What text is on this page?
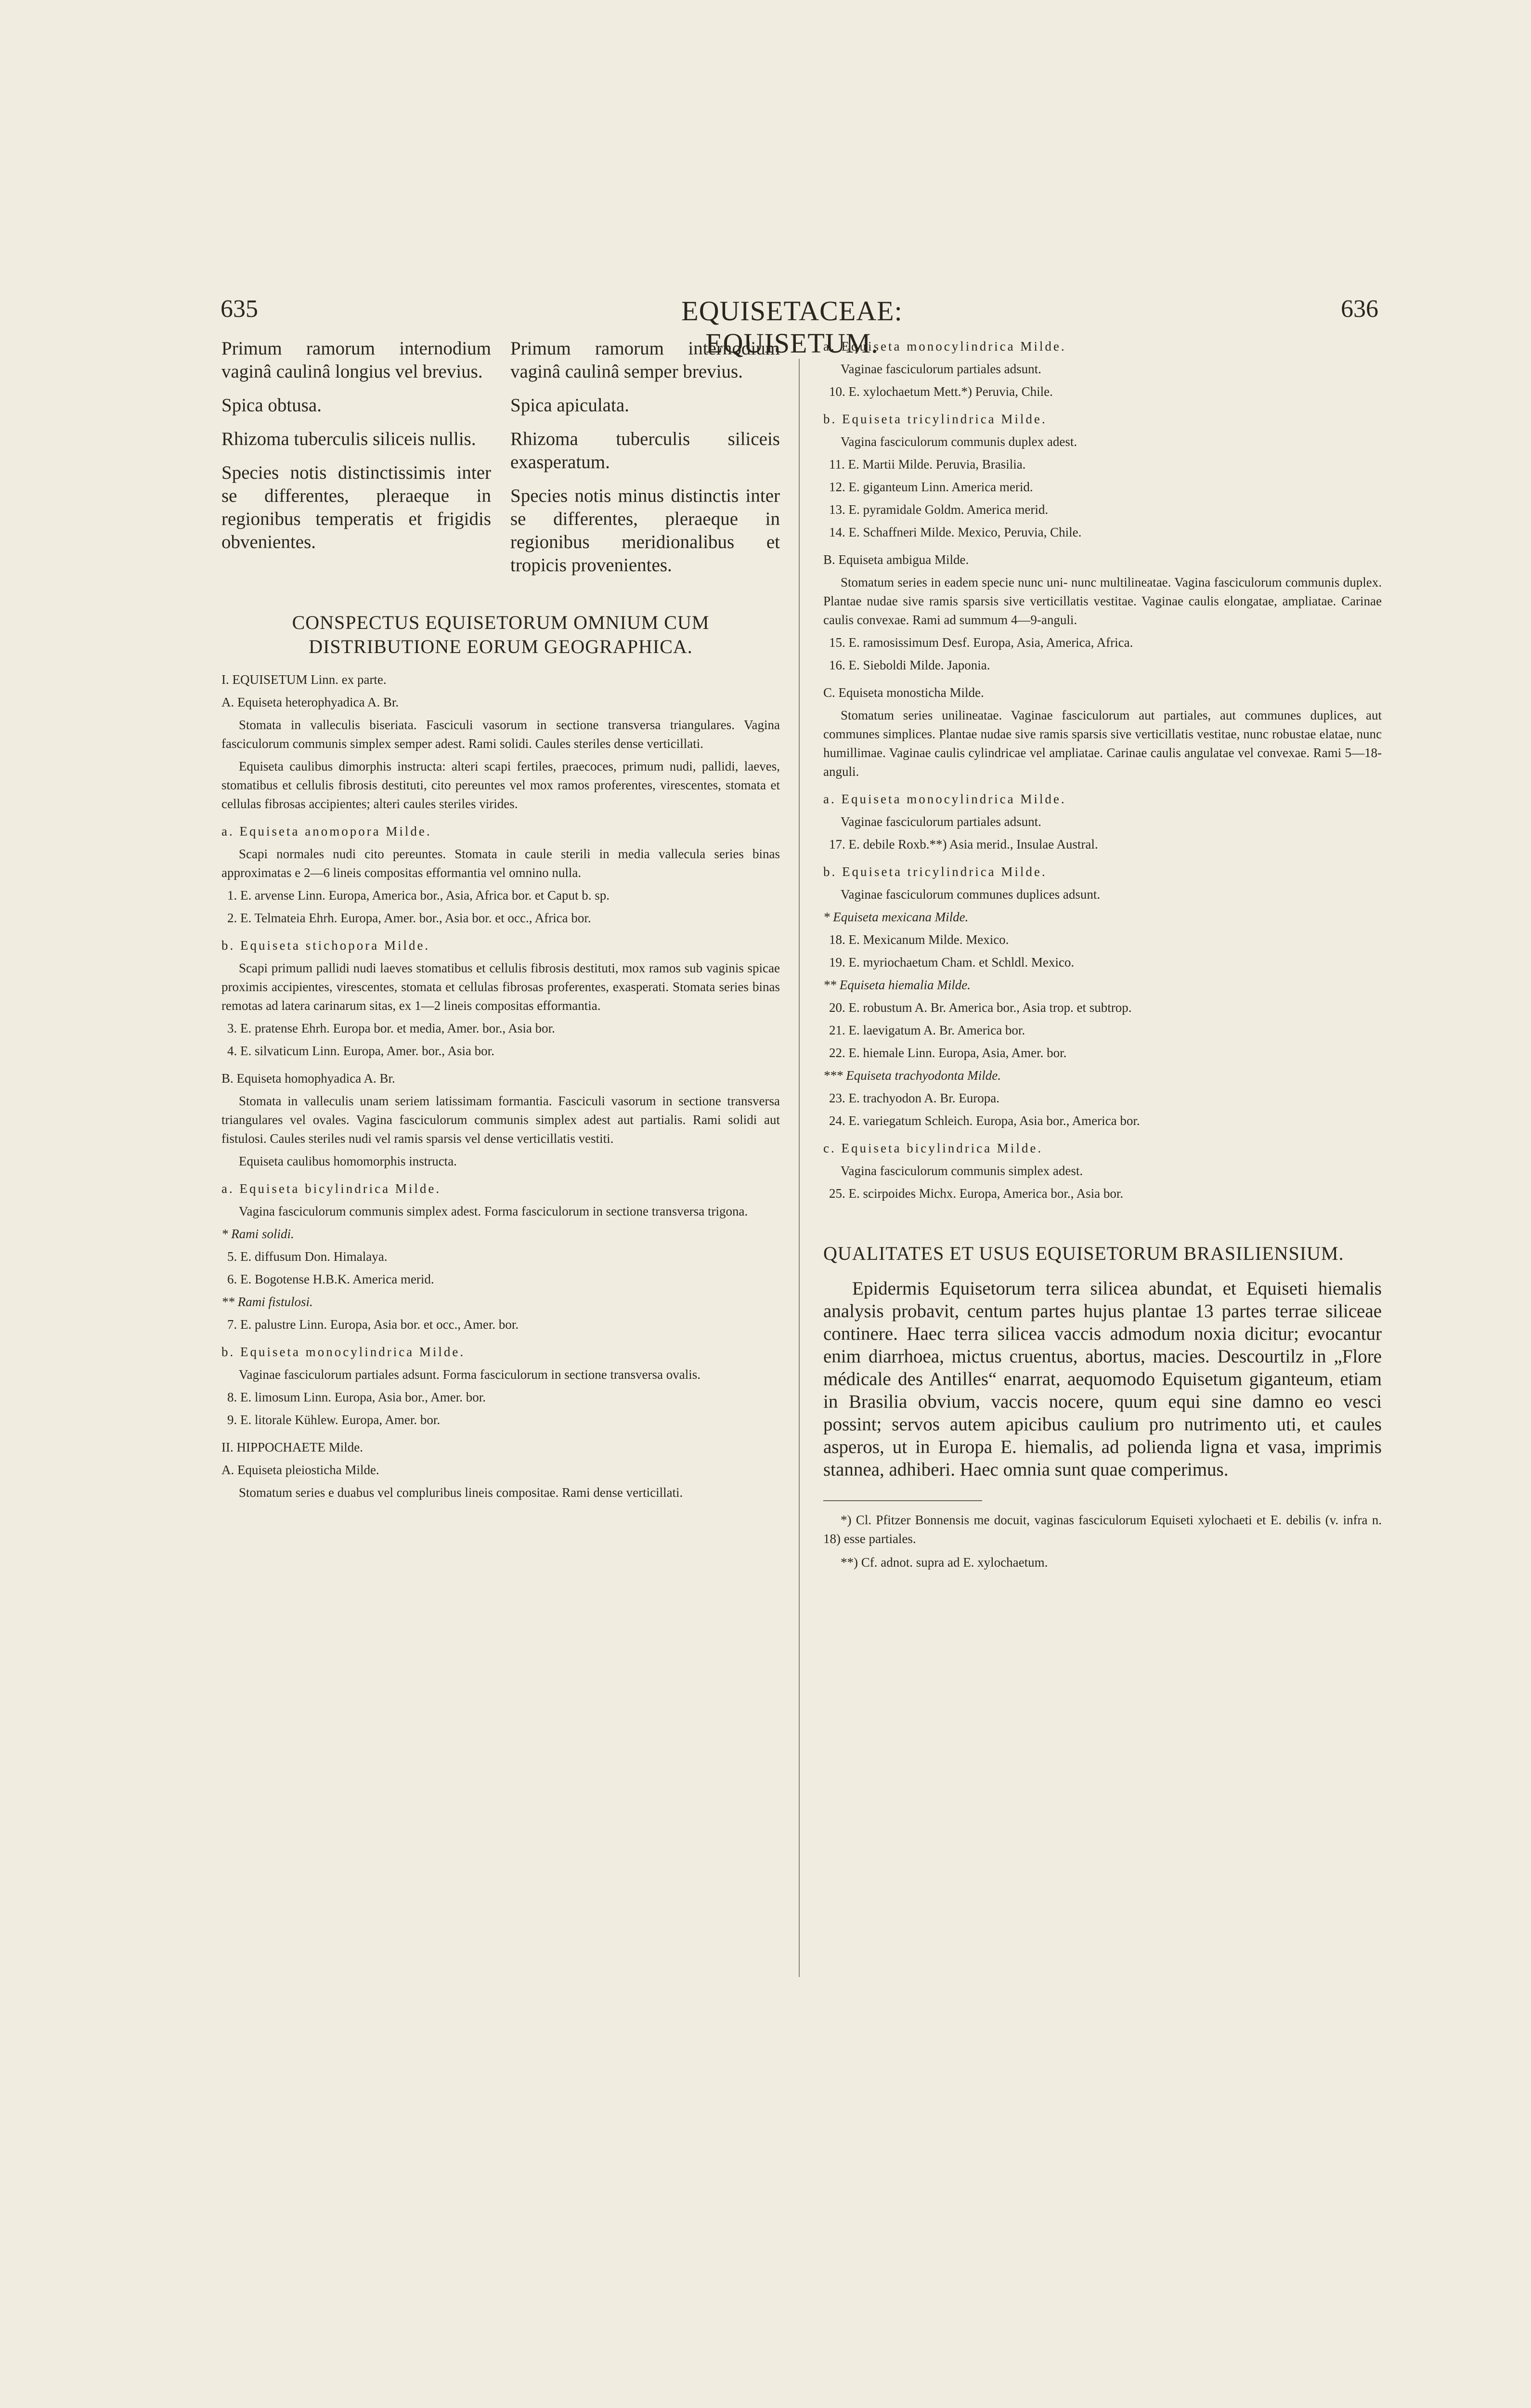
635	EQUISETACEAE: EQUISETUM.
636

Primum ramorum internodium vaginâ caulinâ longius vel brevius.

Spica obtusa.

Rhizoma tuberculis siliceis nullis.

Species notis distinctissimis inter se differentes, pleraeque in regionibus temperatis et frigidis obvenientes.

Primum ramorum internodium vaginâ caulinâ semper brevius.

Spica apiculata.

Rhizoma tuberculis siliceis exasperatum.

Species notis minus distinctis inter se differentes, pleraeque in regionibus meridionalibus et tropicis provenientes.

CONSPECTUS EQUISETORUM OMNIUM CUM DISTRIBUTIONE EORUM GEOGRAPHICA.

I. EQUISETUM Linn. ex parte.

A. Equiseta heterophyadica A. Br.

Stomata in valleculis biseriata. Fasciculi vasorum in sectione transversa triangulares. Vagina fasciculorum communis simplex semper adest. Rami solidi. Caules steriles dense verticillati.

Equiseta caulibus dimorphis instructa: alteri scapi fertiles, praecoces, primum nudi, pallidi, laeves, stomatibus et cellulis fibrosis destituti, cito pereuntes vel mox ramos proferentes, virescentes, stomata et cellulas fibrosas accipientes; alteri caules steriles virides.

a. Equiseta anomopora Milde.

Scapi normales nudi cito pereuntes. Stomata in caule sterili in media vallecula series binas approximatas e 2—6 lineis compositas efformantia vel omnino nulla.

1. E. arvense Linn. Europa, America bor., Asia, Africa bor. et Caput b. sp.

2. E. Telmateia Ehrh. Europa, Amer. bor., Asia bor. et occ., Africa bor.

b. Equiseta stichopora Milde.

Scapi primum pallidi nudi laeves stomatibus et cellulis fibrosis destituti, mox ramos sub vaginis spicae proximis accipientes, virescentes, stomata et cellulas fibrosas proferentes, exasperati. Stomata series binas remotas ad latera carinarum sitas, ex 1—2 lineis compositas efformantia.

3. E. pratense Ehrh. Europa bor. et media, Amer. bor., Asia bor.

4. E. silvaticum Linn. Europa, Amer. bor., Asia bor.

B. Equiseta homophyadica A. Br.

Stomata in valleculis unam seriem latissimam formantia. Fasciculi vasorum in sectione transversa triangulares vel ovales. Vagina fasciculorum communis simplex adest aut partialis. Rami solidi aut fistulosi. Caules steriles nudi vel ramis sparsis vel dense verticillatis vestiti.

Equiseta caulibus homomorphis instructa.

a. Equiseta bicylindrica Milde.

Vagina fasciculorum communis simplex adest. Forma fasciculorum in sectione transversa trigona.

* Rami solidi.

5. E. diffusum Don. Himalaya.

6. E. Bogotense H.B.K. America merid.

** Rami fistulosi.

7. E. palustre Linn. Europa, Asia bor. et occ., Amer. bor.

b. Equiseta monocylindrica Milde.

Vaginae fasciculorum partiales adsunt. Forma fasciculorum in sectione transversa ovalis.

8. E. limosum Linn. Europa, Asia bor., Amer. bor.

9. E. litorale Kühlew. Europa, Amer. bor.

II. HIPPOCHAETE Milde.

A. Equiseta pleiosticha Milde.

Stomatum series e duabus vel compluribus lineis compositae. Rami dense verticillati.

a. Equiseta monocylindrica Milde.

Vaginae fasciculorum partiales adsunt.

10. E. xylochaetum Mett.*) Peruvia, Chile.

b. Equiseta tricylindrica Milde.

Vagina fasciculorum communis duplex adest.

11. E. Martii Milde. Peruvia, Brasilia.

12. E. giganteum Linn. America merid.

13. E. pyramidale Goldm. America merid.

14. E. Schaffneri Milde. Mexico, Peruvia, Chile.

B. Equiseta ambigua Milde.

Stomatum series in eadem specie nunc uni- nunc multilineatae. Vagina fasciculorum communis duplex. Plantae nudae sive ramis sparsis sive verticillatis vestitae. Vaginae caulis elongatae, ampliatae. Carinae caulis convexae. Rami ad summum 4—9-anguli.

15. E. ramosissimum Desf. Europa, Asia, America, Africa.

16. E. Sieboldi Milde. Japonia.

C. Equiseta monosticha Milde.

Stomatum series unilineatae. Vaginae fasciculorum aut partiales, aut communes duplices, aut communes simplices. Plantae nudae sive ramis sparsis sive verticillatis vestitae, nunc robustae elatae, nunc humillimae. Vaginae caulis cylindricae vel ampliatae. Carinae caulis angulatae vel convexae. Rami 5—18-anguli.

a. Equiseta monocylindrica Milde.

Vaginae fasciculorum partiales adsunt.

17. E. debile Roxb.**) Asia merid., Insulae Austral.

b. Equiseta tricylindrica Milde.

Vaginae fasciculorum communes duplices adsunt.

* Equiseta mexicana Milde.

18. E. Mexicanum Milde. Mexico.

19. E. myriochaetum Cham. et Schldl. Mexico.

** Equiseta hiemalia Milde.

20. E. robustum A. Br. America bor., Asia trop. et subtrop.

21. E. laevigatum A. Br. America bor.

22. E. hiemale Linn. Europa, Asia, Amer. bor.

*** Equiseta trachyodonta Milde.

23. E. trachyodon A. Br. Europa.

24. E. variegatum Schleich. Europa, Asia bor., America bor.

c. Equiseta bicylindrica Milde.

Vagina fasciculorum communis simplex adest.

25. E. scirpoides Michx. Europa, America bor., Asia bor.

QUALITATES ET USUS EQUISETORUM BRASILIENSIUM.

Epidermis Equisetorum terra silicea abundat, et Equiseti hiemalis analysis probavit, centum partes hujus plantae 13 partes terrae siliceae continere. Haec terra silicea vaccis admodum noxia dicitur; evocantur enim diarrhoea, mictus cruentus, abortus, macies. Descourtilz in „Flore médicale des Antilles“ enarrat, aequomodo Equisetum giganteum, etiam in Brasilia obvium, vaccis nocere, quum equi sine damno eo vesci possint; servos autem apicibus caulium pro nutrimento uti, et caules asperos, ut in Europa E. hiemalis, ad poliendа ligna et vasa, imprimis stannea, adhiberi. Haec omnia sunt quae comperimus.

*) Cl. Pfitzer Bonnensis me docuit, vaginas fasciculorum Equiseti xylochaeti et E. debilis (v. infra n. 18) esse partiales.

**) Cf. adnot. supra ad E. xylochaetum.
